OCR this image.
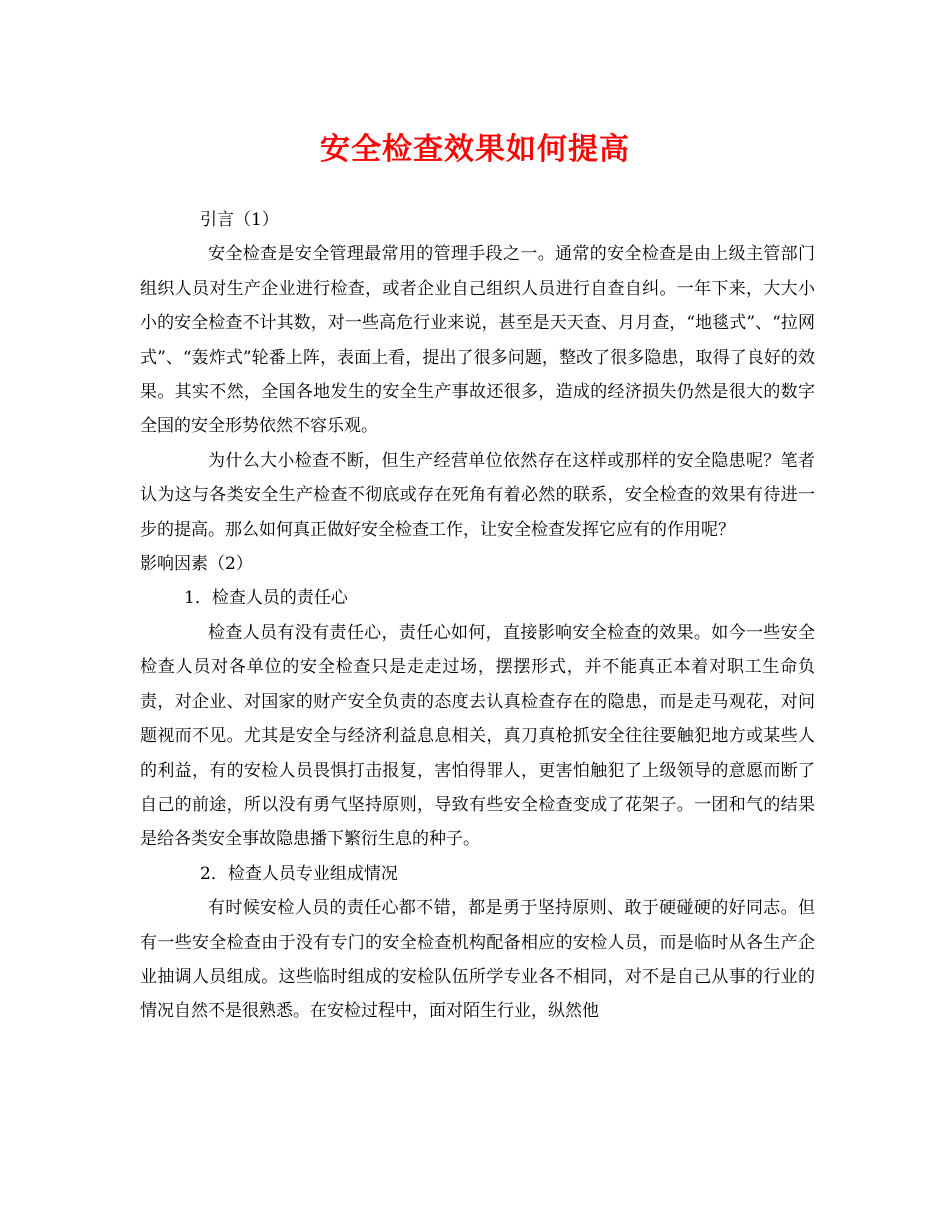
安全检查效果如何提高

引言（1）

安全检查是安全管理最常用的管理手段之一。通常的安全检查是由上级主管部门组织人员对生产企业进行检查，或者企业自己组织人员进行自查自纠。一年下来，大大小小的安全检查不计其数，对一些高危行业来说，甚至是天天查、月月查，“地毯式”、“拉网式”、“轰炸式”轮番上阵，表面上看，提出了很多问题，整改了很多隐患，取得了良好的效果。其实不然，全国各地发生的安全生产事故还很多，造成的经济损失仍然是很大的数字　全国的安全形势依然不容乐观。

为什么大小检查不断，但生产经营单位依然存在这样或那样的安全隐患呢？笔者认为这与各类安全生产检查不彻底或存在死角有着必然的联系，安全检查的效果有待进一步的提高。那么如何真正做好安全检查工作，让安全检查发挥它应有的作用呢？

影响因素（2）

1．检查人员的责任心

检查人员有没有责任心，责任心如何，直接影响安全检查的效果。如今一些安全检查人员对各单位的安全检查只是走走过场，摆摆形式，并不能真正本着对职工生命负责，对企业、对国家的财产安全负责的态度去认真检查存在的隐患，而是走马观花，对问题视而不见。尤其是安全与经济利益息息相关，真刀真枪抓安全往往要触犯地方或某些人的利益，有的安检人员畏惧打击报复，害怕得罪人，更害怕触犯了上级领导的意愿而断了自己的前途，所以没有勇气坚持原则，导致有些安全检查变成了花架子。一团和气的结果是给各类安全事故隐患播下繁衍生息的种子。

2．检查人员专业组成情况

有时候安检人员的责任心都不错，都是勇于坚持原则、敢于硬碰硬的好同志。但有一些安全检查由于没有专门的安全检查机构配备相应的安检人员，而是临时从各生产企业抽调人员组成。这些临时组成的安检队伍所学专业各不相同，对不是自己从事的行业的情况自然不是很熟悉。在安检过程中，面对陌生行业，纵然他
